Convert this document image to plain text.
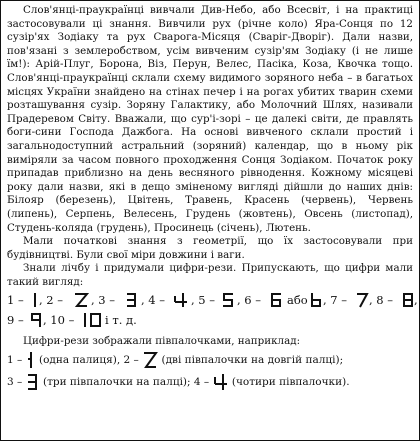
Слов'янці-праукраїнці вивчали Див-Небо, або Всесвіт, і на практиці застосовували ці знання. Вивчили рух (річне коло) Яра-Сонця по 12 сузір'ях Зодіаку та рух Сварога-Місяця (Сваріг-Дворіг). Дали назви, пов'язані з землеробством, усім вивченим сузір'ям Зодіаку (і не лише їм!): Арій-Плуг, Борона, Віз, Перун, Велес, Пасіка, Коза, Квочка тощо. Слов'янці-праукраїнці склали схему видимого зоряного неба – в багатьох місцях України знайдено на стінах печер і на рогах убитих тварин схеми розташування сузір. Зоряну Галактику, або Молочний Шлях, називали Прадеревом Світу. Вважали, що сур'і-зорі – це далекі світи, де правлять боги-сини Господа Дажбога. На основі вивченого склали простий і загальнодоступний астральний (зоряний) календар, що в ньому рік виміряли за часом повного проходження Сонця Зодіаком. Початок року припадав приблизно на день весняного рівнодення. Кожному місяцеві року дали назви, які в дещо зміненому вигляді дійшли до наших днів: Білояр (березень), Цвітень, Травень, Красень (червень), Червень (липень), Серпень, Велесень, Грудень (жовтень), Овсень (листопад), Студень-коляда (грудень), Просинець (січень), Лютень.

Мали початкові знання з геометрії, що їх застосовували при будівництві. Були свої міри довжини і ваги.

Знали лічбу і придумали цифри-рези. Припускають, що цифри мали такий вигляд:

1 – , 2 – , 3 – , 4 – , 5 – , 6 – або , 7 – , 8 – ,
9 – , 10 –	і т. д.

Цифри-рези зображали півпалочками, наприклад:

1 – (одна палиця), 2 – (дві півпалочки на довгій палці);
3 – (три півпалочки на палці); 4 – (чотири півпалочки).
